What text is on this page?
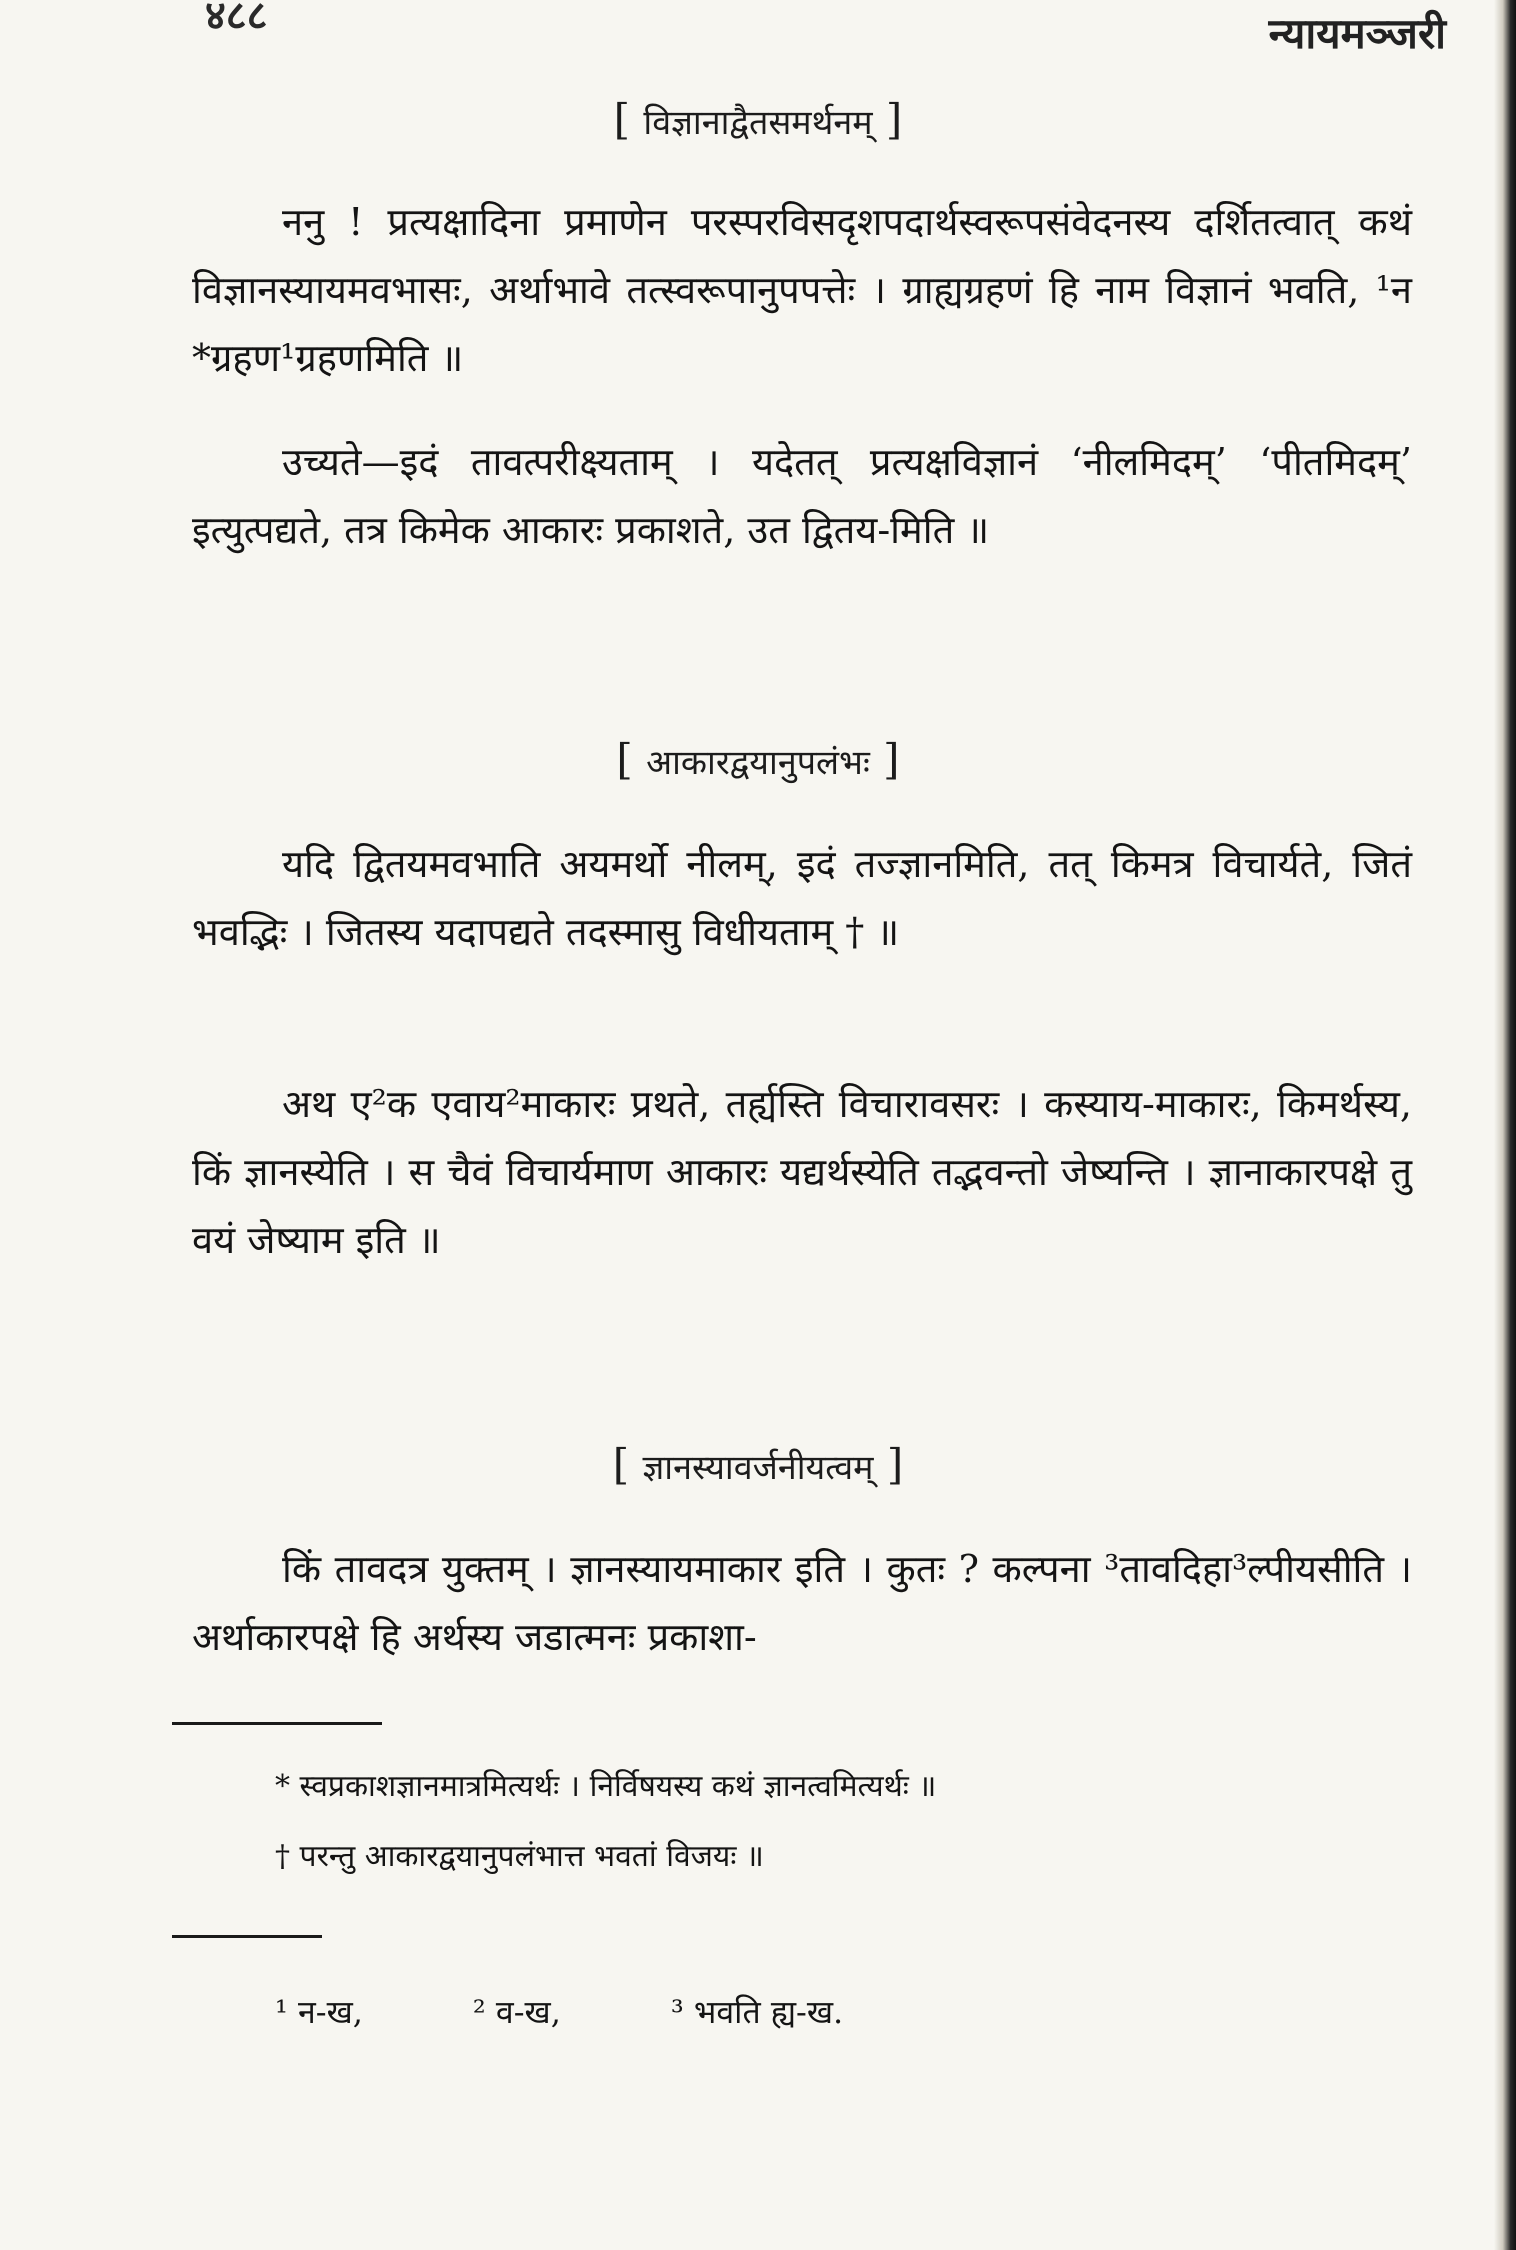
४८८	न्यायमञ्जरी
[ विज्ञानाद्वैतसमर्थनम् ]

ननु ! प्रत्यक्षादिना प्रमाणेन परस्परविसदृशपदार्थस्वरूपसंवेदनस्य दर्शितत्वात् कथं विज्ञानस्यायमवभासः, अर्थाभावे तत्स्वरूपानुपपत्तेः । ग्राह्यग्रहणं हि नाम विज्ञानं भवति, ¹न *ग्रहण¹ग्रहणमिति ॥

उच्यते—इदं तावत्परीक्ष्यताम् । यदेतत् प्रत्यक्षविज्ञानं ‘नीलमिदम्’ ‘पीतमिदम्’ इत्युत्पद्यते, तत्र किमेक आकारः प्रकाशते, उत द्वितय-मिति ॥

[ आकारद्वयानुपलंभः ]

यदि द्वितयमवभाति अयमर्थो नीलम्, इदं तज्ज्ञानमिति, तत् किमत्र विचार्यते, जितं भवद्भिः । जितस्य यदापद्यते तदस्मासु विधीयताम् † ॥

अथ ए²क एवाय²माकारः प्रथते, तर्ह्यस्ति विचारावसरः । कस्याय-माकारः, किमर्थस्य, किं ज्ञानस्येति । स चैवं विचार्यमाण आकारः यद्यर्थस्येति तद्भवन्तो जेष्यन्ति । ज्ञानाकारपक्षे तु वयं जेष्याम इति ॥

[ ज्ञानस्यावर्जनीयत्वम् ]

किं तावदत्र युक्तम् । ज्ञानस्यायमाकार इति । कुतः ? कल्पना ³तावदिहा³ल्पीयसीति । अर्थाकारपक्षे हि अर्थस्य जडात्मनः प्रकाशा-

* स्वप्रकाशज्ञानमात्रमित्यर्थः । निर्विषयस्य कथं ज्ञानत्वमित्यर्थः ॥
† परन्तु आकारद्वयानुपलंभात्त भवतां विजयः ॥
¹ न-ख,	² व-ख,	³ भवति ह्य-ख.
